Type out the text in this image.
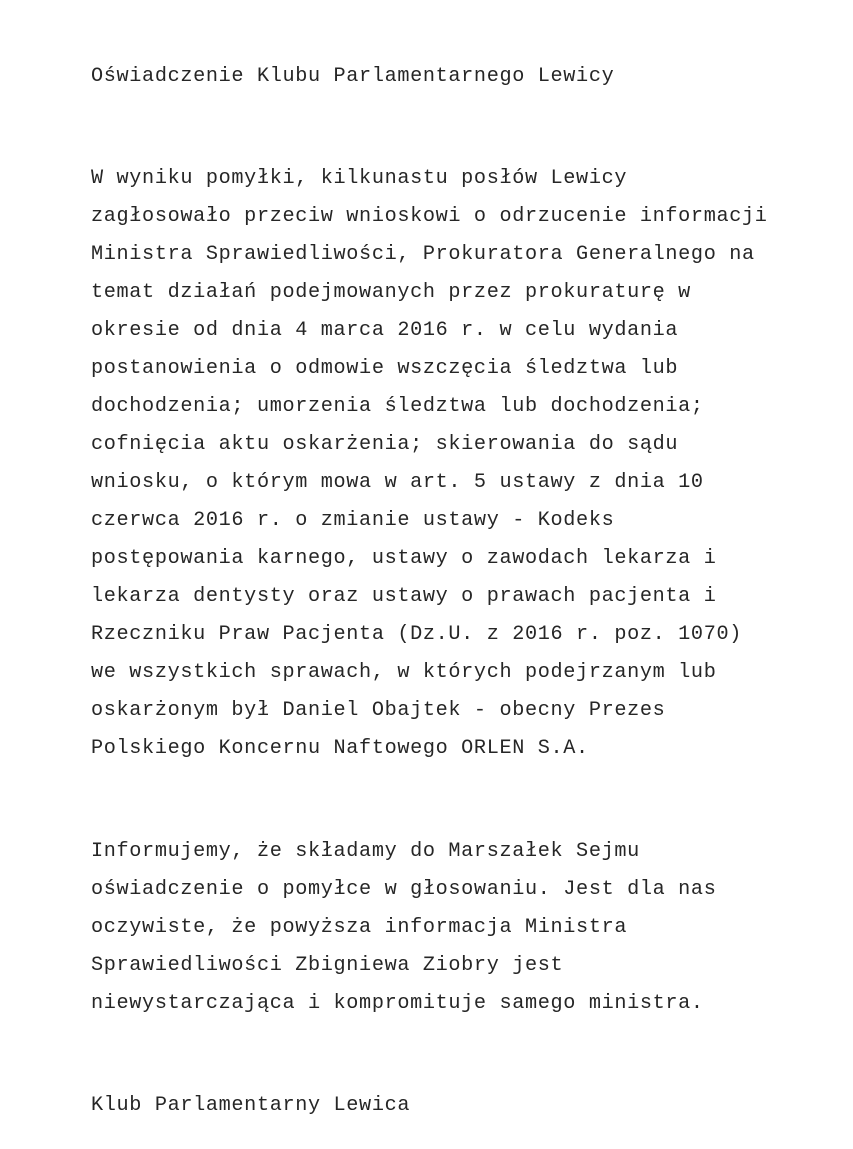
Oświadczenie Klubu Parlamentarnego Lewicy

W wyniku pomyłki, kilkunastu posłów Lewicy

zagłosowało przeciw wnioskowi o odrzucenie informacji

Ministra Sprawiedliwości, Prokuratora Generalnego na

temat działań podejmowanych przez prokuraturę w

okresie od dnia 4 marca 2016 r. w celu wydania

postanowienia o odmowie wszczęcia śledztwa lub

dochodzenia; umorzenia śledztwa lub dochodzenia;

cofnięcia aktu oskarżenia; skierowania do sądu

wniosku, o którym mowa w art. 5 ustawy z dnia 10

czerwca 2016 r. o zmianie ustawy - Kodeks

postępowania karnego, ustawy o zawodach lekarza i

lekarza dentysty oraz ustawy o prawach pacjenta i

Rzeczniku Praw Pacjenta (Dz.U. z 2016 r. poz. 1070)

we wszystkich sprawach, w których podejrzanym lub

oskarżonym był Daniel Obajtek - obecny Prezes

Polskiego Koncernu Naftowego ORLEN S.A.

Informujemy, że składamy do Marszałek Sejmu

oświadczenie o pomyłce w głosowaniu. Jest dla nas

oczywiste, że powyższa informacja Ministra

Sprawiedliwości Zbigniewa Ziobry jest

niewystarczająca i kompromituje samego ministra.

Klub Parlamentarny Lewica
